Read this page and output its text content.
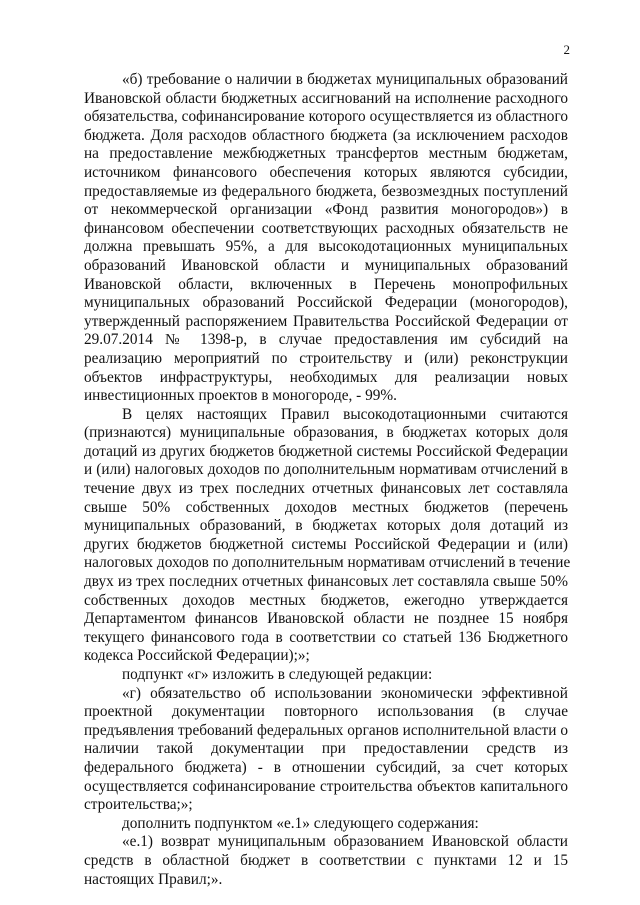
2
«б) требование о наличии в бюджетах муниципальных образований
Ивановской области бюджетных ассигнований на исполнение расходного
обязательства, софинансирование которого осуществляется из областного
бюджета. Доля расходов областного бюджета (за исключением расходов
на предоставление межбюджетных трансфертов местным бюджетам,
источником финансового обеспечения которых являются субсидии,
предоставляемые из федерального бюджета, безвозмездных поступлений
от некоммерческой организации «Фонд развития моногородов») в
финансовом обеспечении соответствующих расходных обязательств не
должна превышать 95%, а для высокодотационных муниципальных
образований Ивановской области и муниципальных образований
Ивановской области, включенных в Перечень монопрофильных
муниципальных образований Российской Федерации (моногородов),
утвержденный распоряжением Правительства Российской Федерации от
29.07.2014 № 1398-р, в случае предоставления им субсидий на
реализацию мероприятий по строительству и (или) реконструкции
объектов инфраструктуры, необходимых для реализации новых
инвестиционных проектов в моногороде, - 99%.
В целях настоящих Правил высокодотационными считаются
(признаются) муниципальные образования, в бюджетах которых доля
дотаций из других бюджетов бюджетной системы Российской Федерации
и (или) налоговых доходов по дополнительным нормативам отчислений в
течение двух из трех последних отчетных финансовых лет составляла
свыше 50% собственных доходов местных бюджетов (перечень
муниципальных образований, в бюджетах которых доля дотаций из
других бюджетов бюджетной системы Российской Федерации и (или)
налоговых доходов по дополнительным нормативам отчислений в течение
двух из трех последних отчетных финансовых лет составляла свыше 50%
собственных доходов местных бюджетов, ежегодно утверждается
Департаментом финансов Ивановской области не позднее 15 ноября
текущего финансового года в соответствии со статьей 136 Бюджетного
кодекса Российской Федерации);»;
подпункт «г» изложить в следующей редакции:
«г) обязательство об использовании экономически эффективной
проектной документации повторного использования (в случае
предъявления требований федеральных органов исполнительной власти о
наличии такой документации при предоставлении средств из
федерального бюджета) - в отношении субсидий, за счет которых
осуществляется софинансирование строительства объектов капитального
строительства;»;
дополнить подпунктом «е.1» следующего содержания:
«е.1) возврат муниципальным образованием Ивановской области
средств в областной бюджет в соответствии с пунктами 12 и 15
настоящих Правил;».
